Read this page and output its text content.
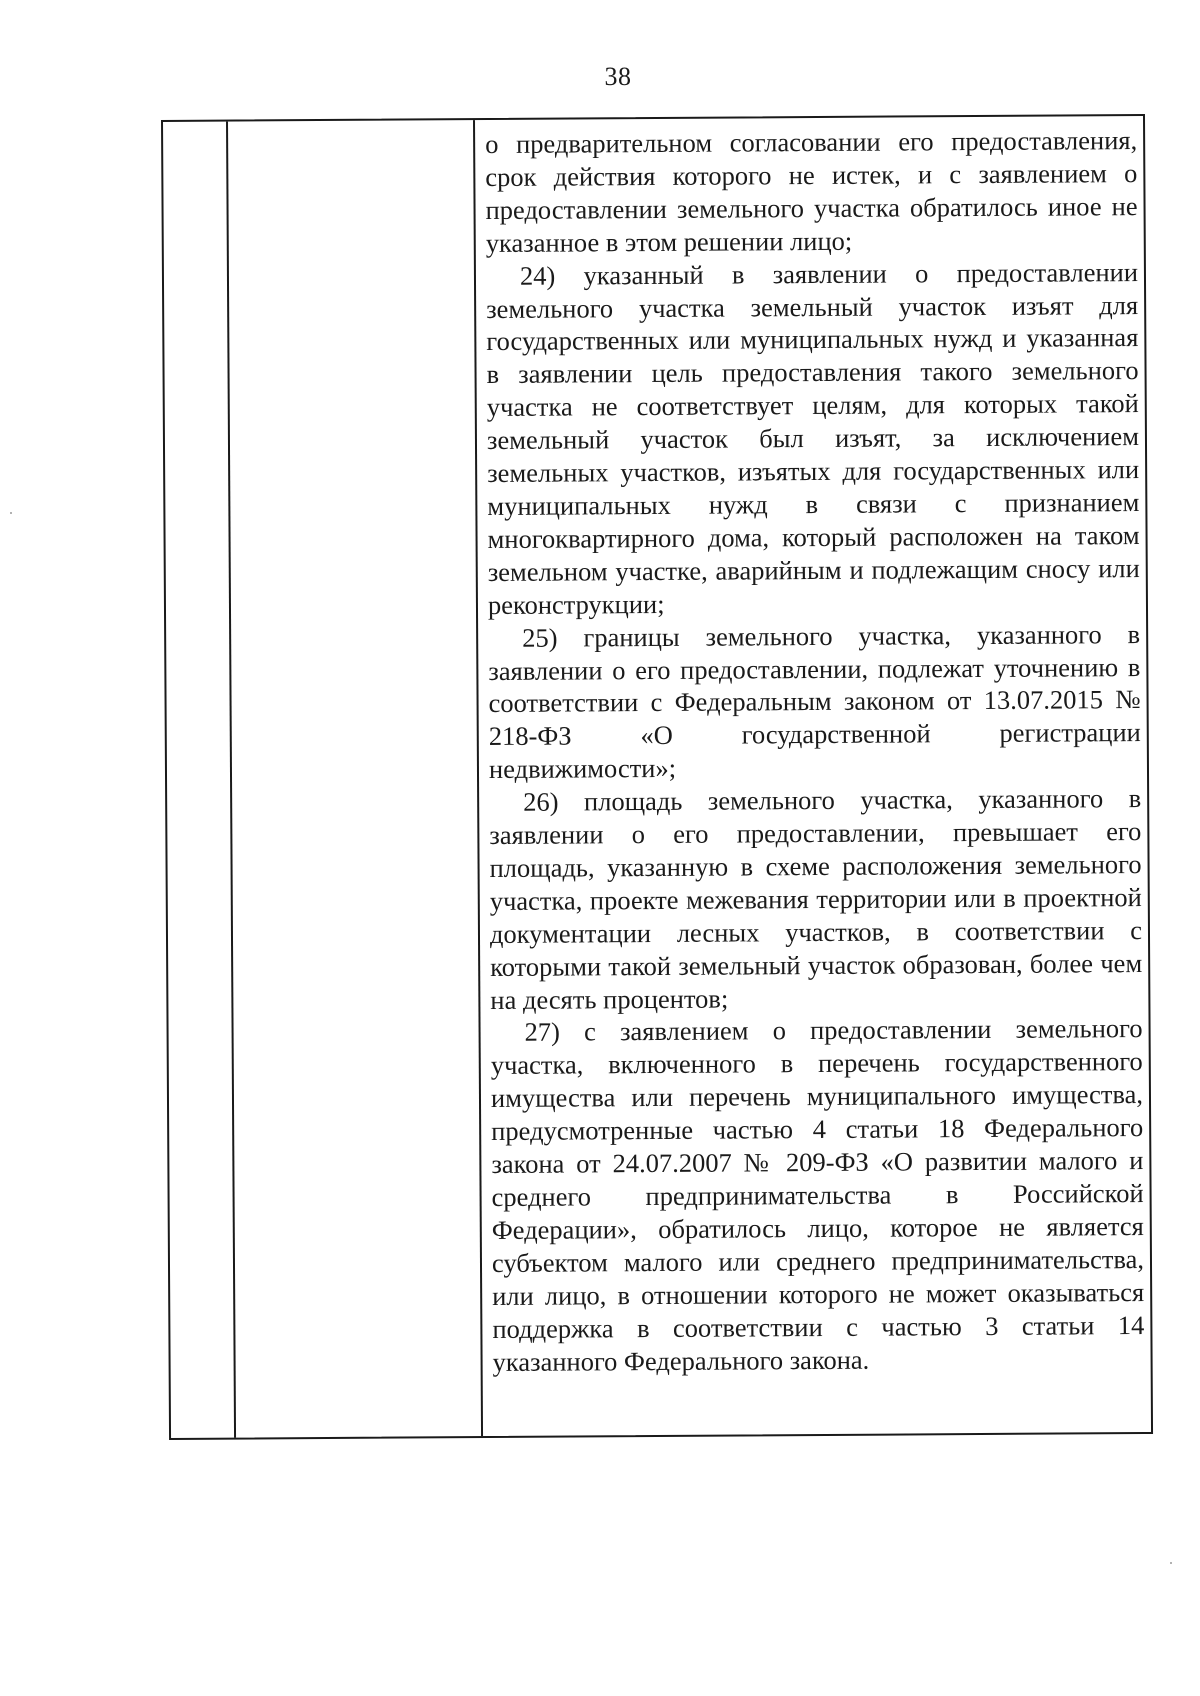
38

о предварительном согласовании его предоставления, срок действия которого не истек, и с заявлением о предоставлении земельного участка обратилось иное не указанное в этом решении лицо;

24) указанный в заявлении о предоставлении земельного участка земельный участок изъят для государственных или муниципальных нужд и указанная в заявлении цель предоставления такого земельного участка не соответствует целям, для которых такой земельный участок был изъят, за исключением земельных участков, изъятых для государственных или муниципальных нужд в связи с признанием многоквартирного дома, который расположен на таком земельном участке, аварийным и подлежащим сносу или реконструкции;

25) границы земельного участка, указанного в заявлении о его предоставлении, подлежат уточнению в соответствии с Федеральным законом от 13.07.2015 № 218-ФЗ «О государственной регистрации недвижимости»;

26) площадь земельного участка, указанного в заявлении о его предоставлении, превышает его площадь, указанную в схеме расположения земельного участка, проекте межевания территории или в проектной документации лесных участков, в соответствии с которыми такой земельный участок образован, более чем на десять процентов;

27) с заявлением о предоставлении земельного участка, включенного в перечень государственного имущества или перечень муниципального имущества, предусмотренные частью 4 статьи 18 Федерального закона от 24.07.2007 № 209-ФЗ «О развитии малого и среднего предпринимательства в Российской Федерации», обратилось лицо, которое не является субъектом малого или среднего предпринимательства, или лицо, в отношении которого не может оказываться поддержка в соответствии с частью 3 статьи 14 указанного Федерального закона.
